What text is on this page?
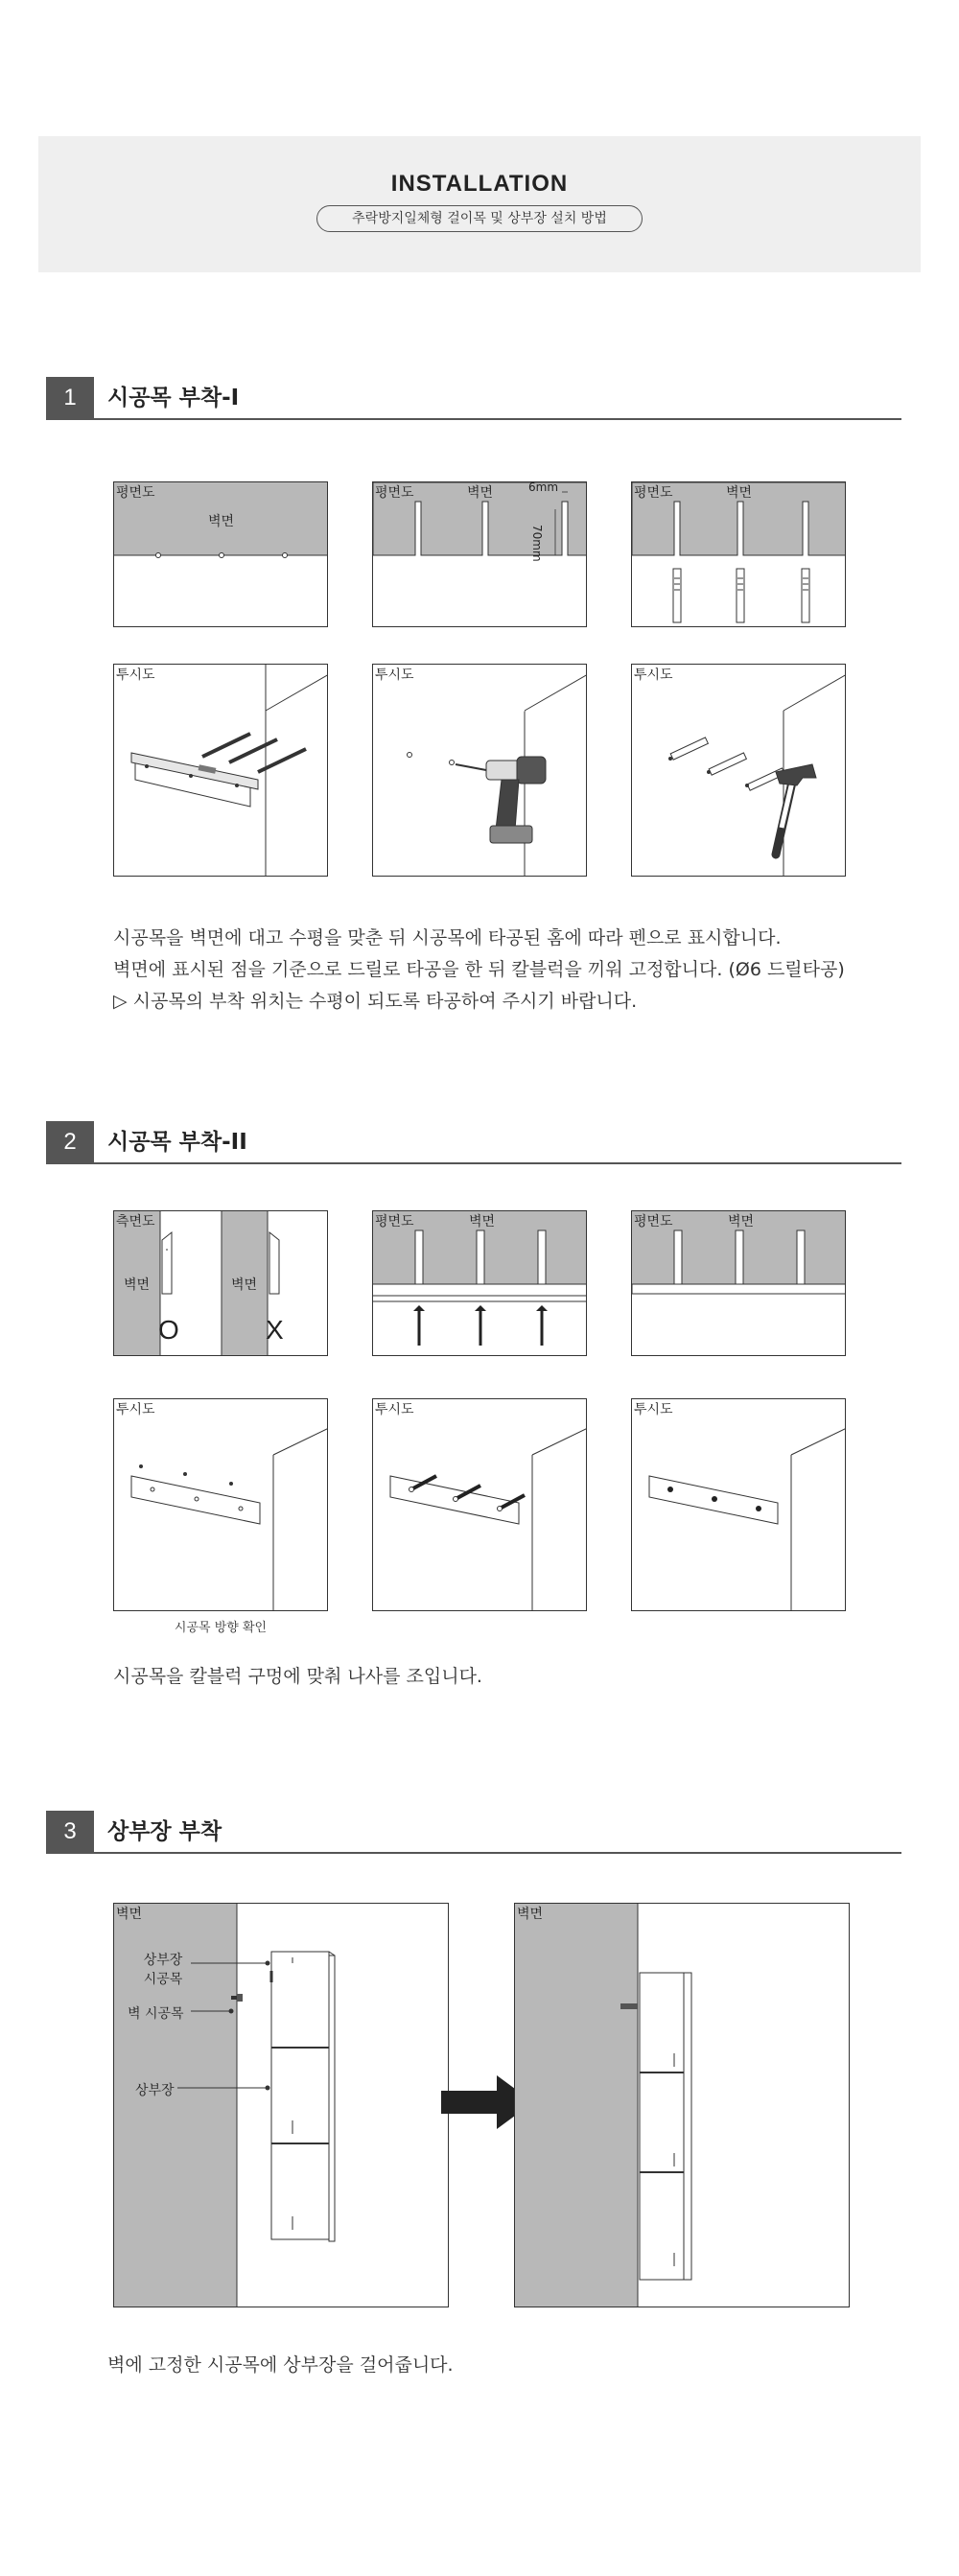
INSTALLATION
추락방지일체형 걸이목 및 상부장 설치 방법
1	시공목 부착-I
평면도
벽면
평면도	벽면	6mm
70mm
평면도	벽면
투시도	투시도	투시도
시공목을 벽면에 대고 수평을 맞춘 뒤 시공목에 타공된 홈에 따라 펜으로 표시합니다.
벽면에 표시된 점을 기준으로 드릴로 타공을 한 뒤 칼블럭을 끼워 고정합니다. (Ø6 드릴타공)
▷ 시공목의 부착 위치는 수평이 되도록 타공하여 주시기 바랍니다.
2	시공목 부착-II
측면도
벽면	벽면
O	X
평면도	벽면	평면도	벽면
투시도
시공목 방향 확인
투시도	투시도
시공목을 칼블럭 구멍에 맞춰 나사를 조입니다.
3	상부장 부착
벽면
상부장
시공목
벽 시공목
상부장
벽면
벽에 고정한 시공목에 상부장을 걸어줍니다.
